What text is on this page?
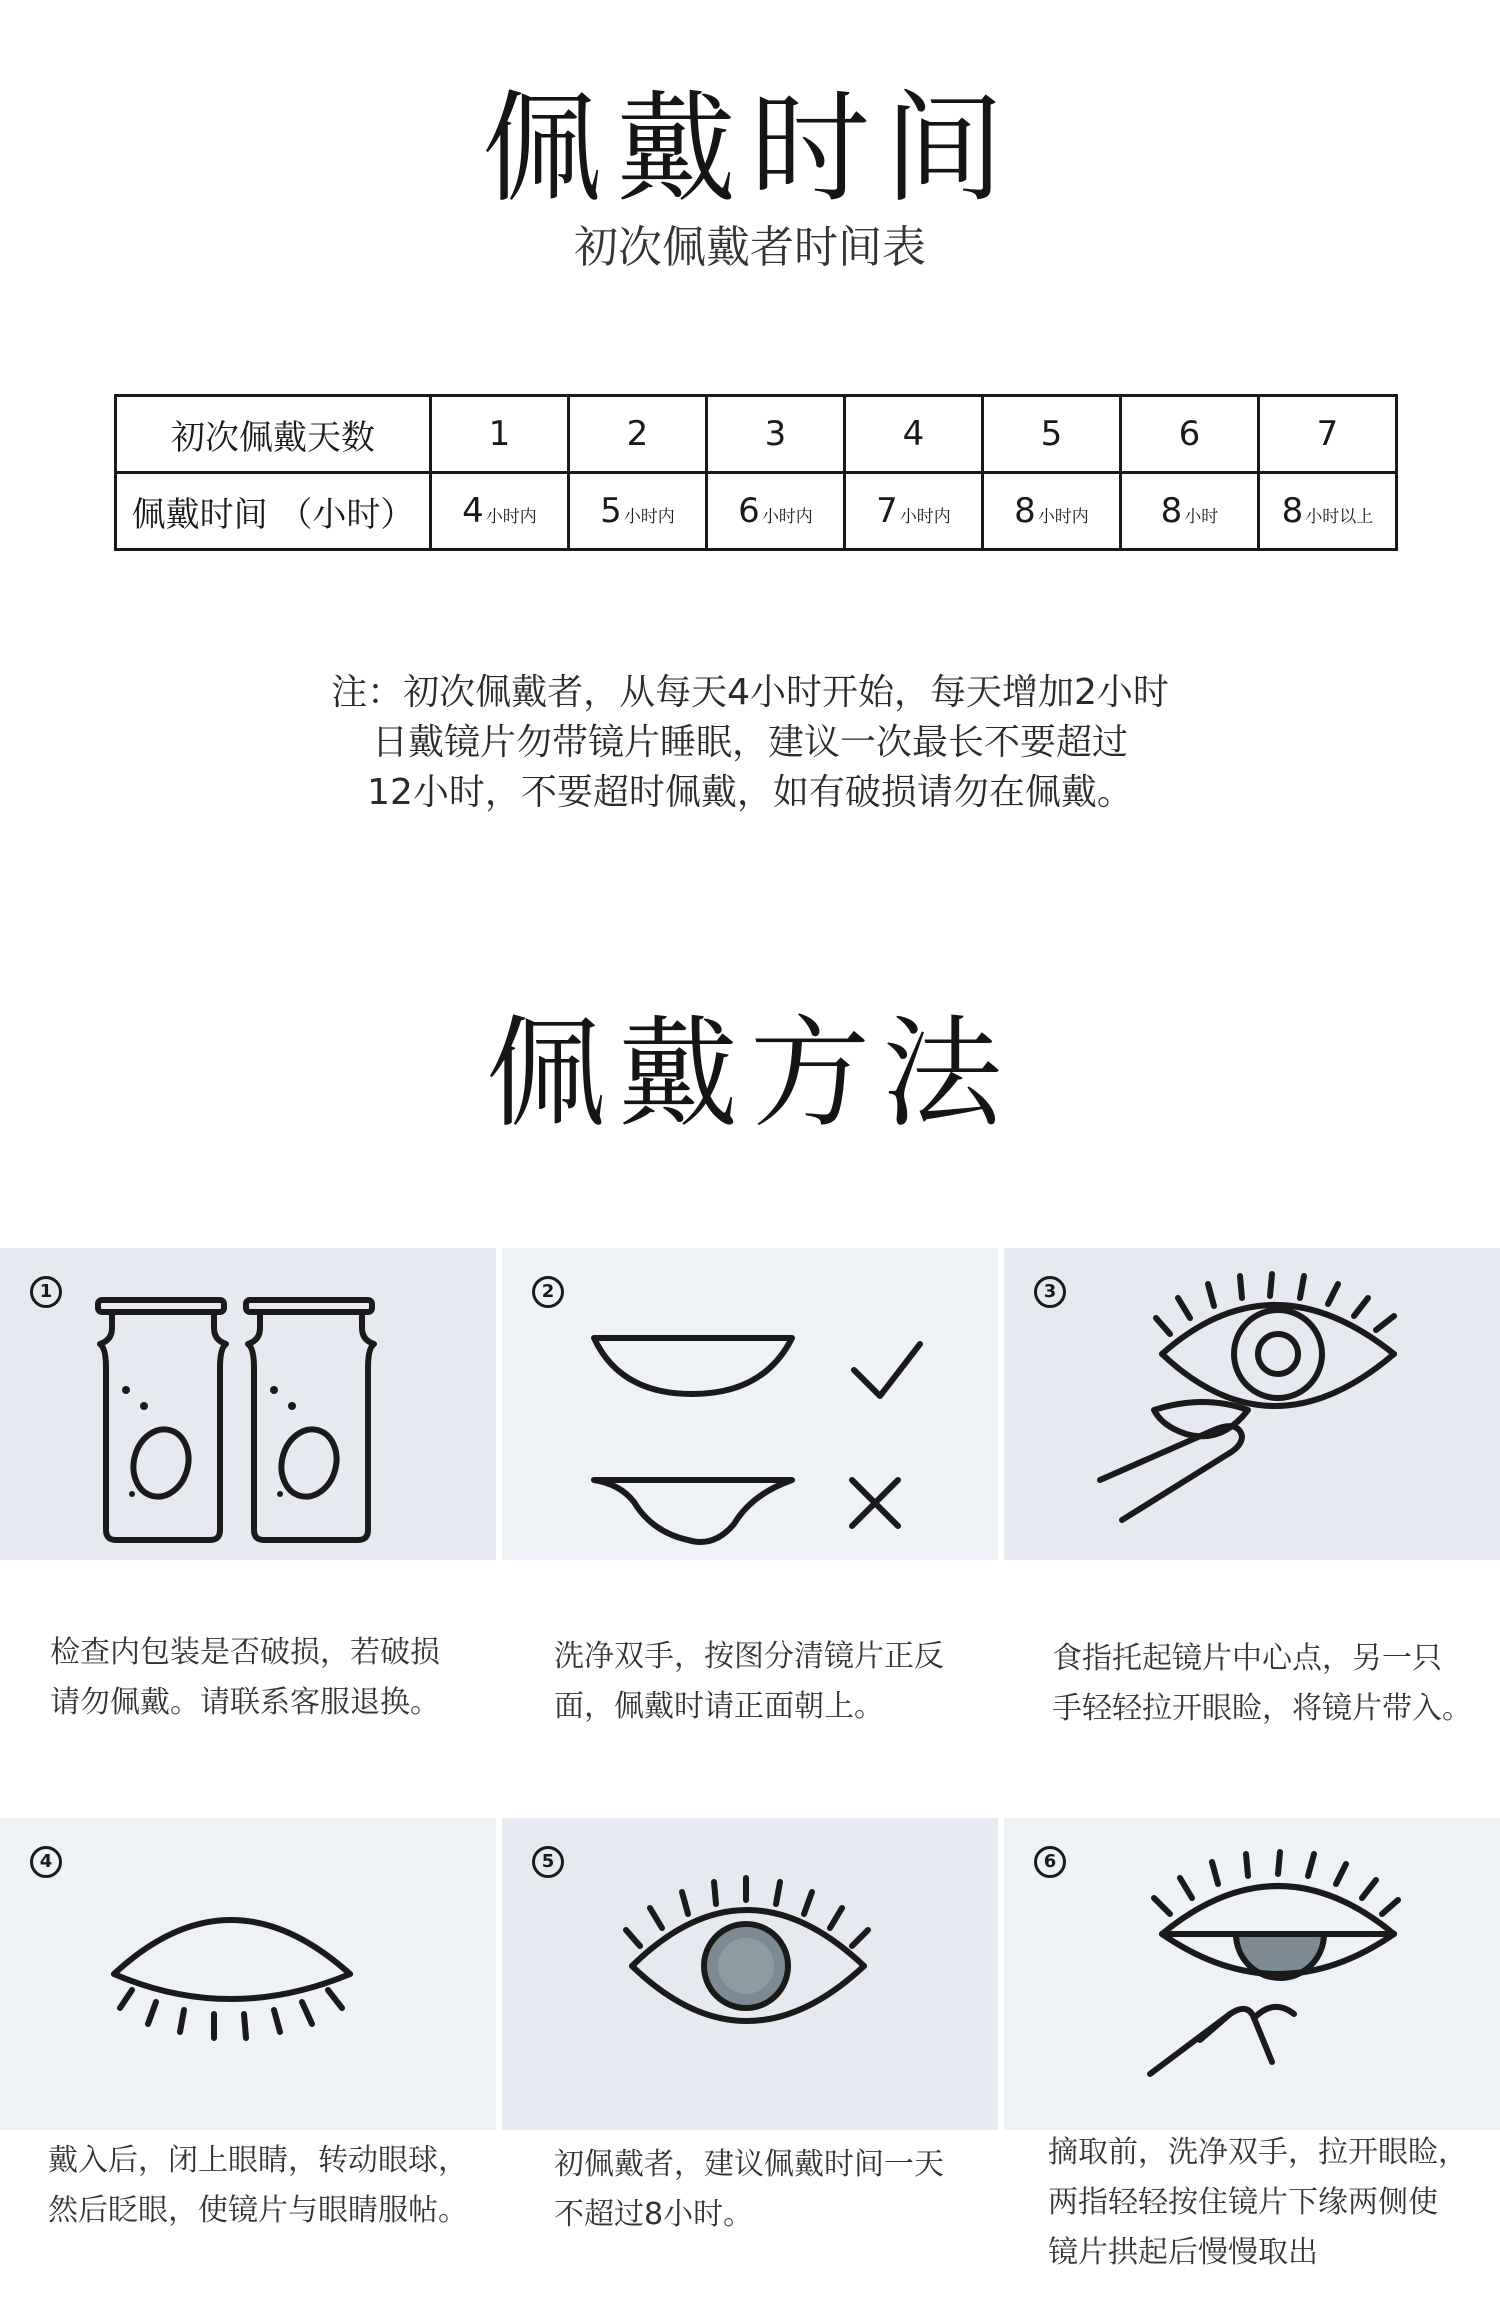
佩戴时间
初次佩戴者时间表
初次佩戴天数	1	2	3	4	5	6	7
佩戴时间 （小时）	4 小时内	5 小时内	6 小时内	7 小时内	8 小时内	8 小时	8 小时以上
注：初次佩戴者，从每天4小时开始，每天增加2小时
日戴镜片勿带镜片睡眠，建议一次最长不要超过
12小时，不要超时佩戴，如有破损请勿在佩戴。
佩戴方法
1	2	3
检查内包装是否破损，若破损
请勿佩戴。请联系客服退换。
洗净双手，按图分清镜片正反
面，佩戴时请正面朝上。
食指托起镜片中心点，另一只
手轻轻拉开眼睑，将镜片带入。
4	5	6
戴入后，闭上眼睛，转动眼球，
然后眨眼，使镜片与眼睛服帖。
初佩戴者，建议佩戴时间一天
不超过8小时。
摘取前，洗净双手，拉开眼睑，
两指轻轻按住镜片下缘两侧使
镜片拱起后慢慢取出
